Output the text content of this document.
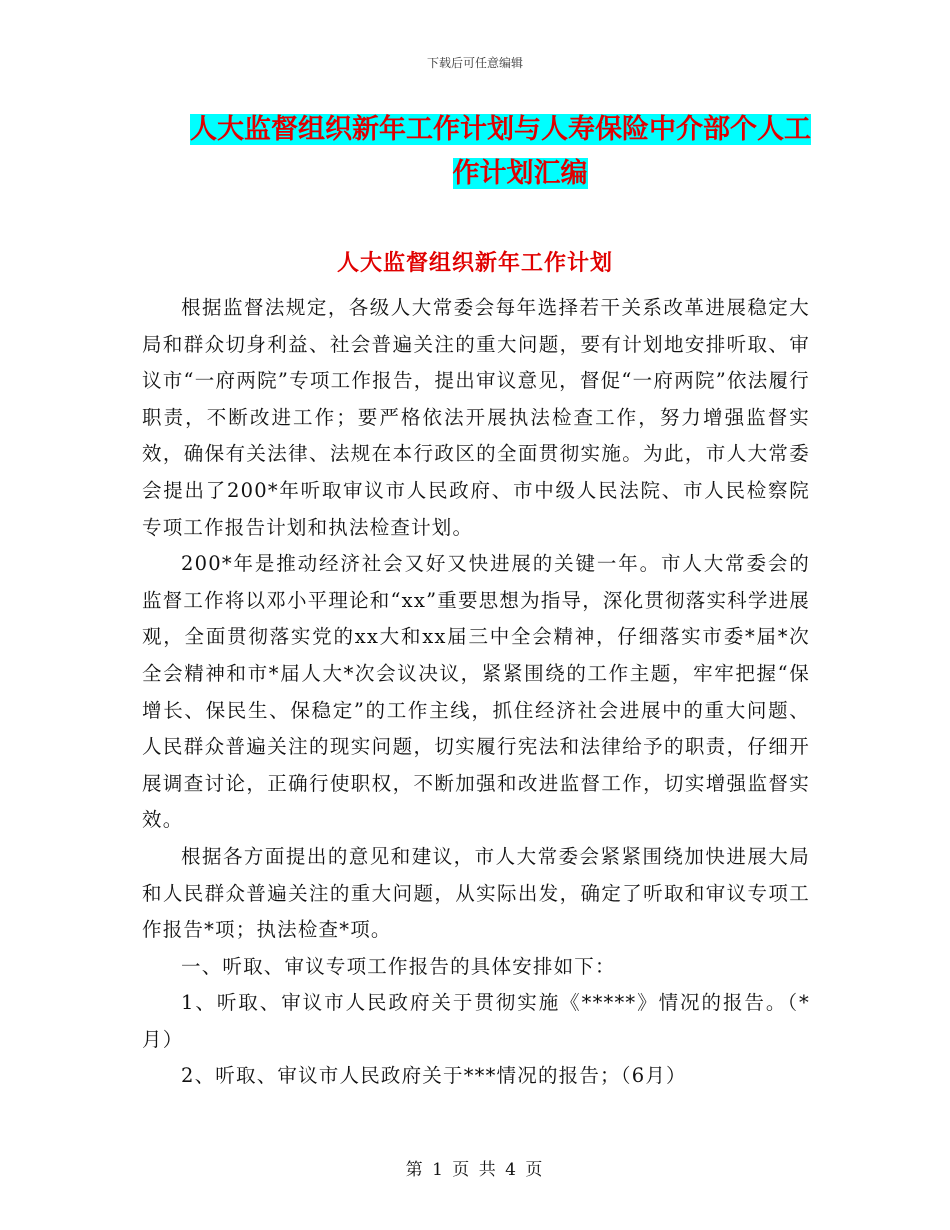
下载后可任意编辑
人大监督组织新年工作计划与人寿保险中介部个人工
作计划汇编
人大监督组织新年工作计划

根据监督法规定，各级人大常委会每年选择若干关系改革进展稳定大局和群众切身利益、社会普遍关注的重大问题，要有计划地安排听取、审议市“一府两院”专项工作报告，提出审议意见，督促“一府两院”依法履行职责，不断改进工作；要严格依法开展执法检查工作，努力增强监督实效，确保有关法律、法规在本行政区的全面贯彻实施。为此，市人大常委会提出了200*年听取审议市人民政府、市中级人民法院、市人民检察院专项工作报告计划和执法检查计划。

200*年是推动经济社会又好又快进展的关键一年。市人大常委会的监督工作将以邓小平理论和“xx”重要思想为指导，深化贯彻落实科学进展观，全面贯彻落实党的xx大和xx届三中全会精神，仔细落实市委*届*次全会精神和市*届人大*次会议决议，紧紧围绕的工作主题，牢牢把握“保增长、保民生、保稳定”的工作主线，抓住经济社会进展中的重大问题、人民群众普遍关注的现实问题，切实履行宪法和法律给予的职责，仔细开展调查讨论，正确行使职权，不断加强和改进监督工作，切实增强监督实效。

根据各方面提出的意见和建议，市人大常委会紧紧围绕加快进展大局和人民群众普遍关注的重大问题，从实际出发，确定了听取和审议专项工作报告*项；执法检查*项。

一、听取、审议专项工作报告的具体安排如下：

1、听取、审议市人民政府关于贯彻实施《*****》情况的报告。（*月）

2、听取、审议市人民政府关于***情况的报告；（6月）

第 1 页 共 4 页
